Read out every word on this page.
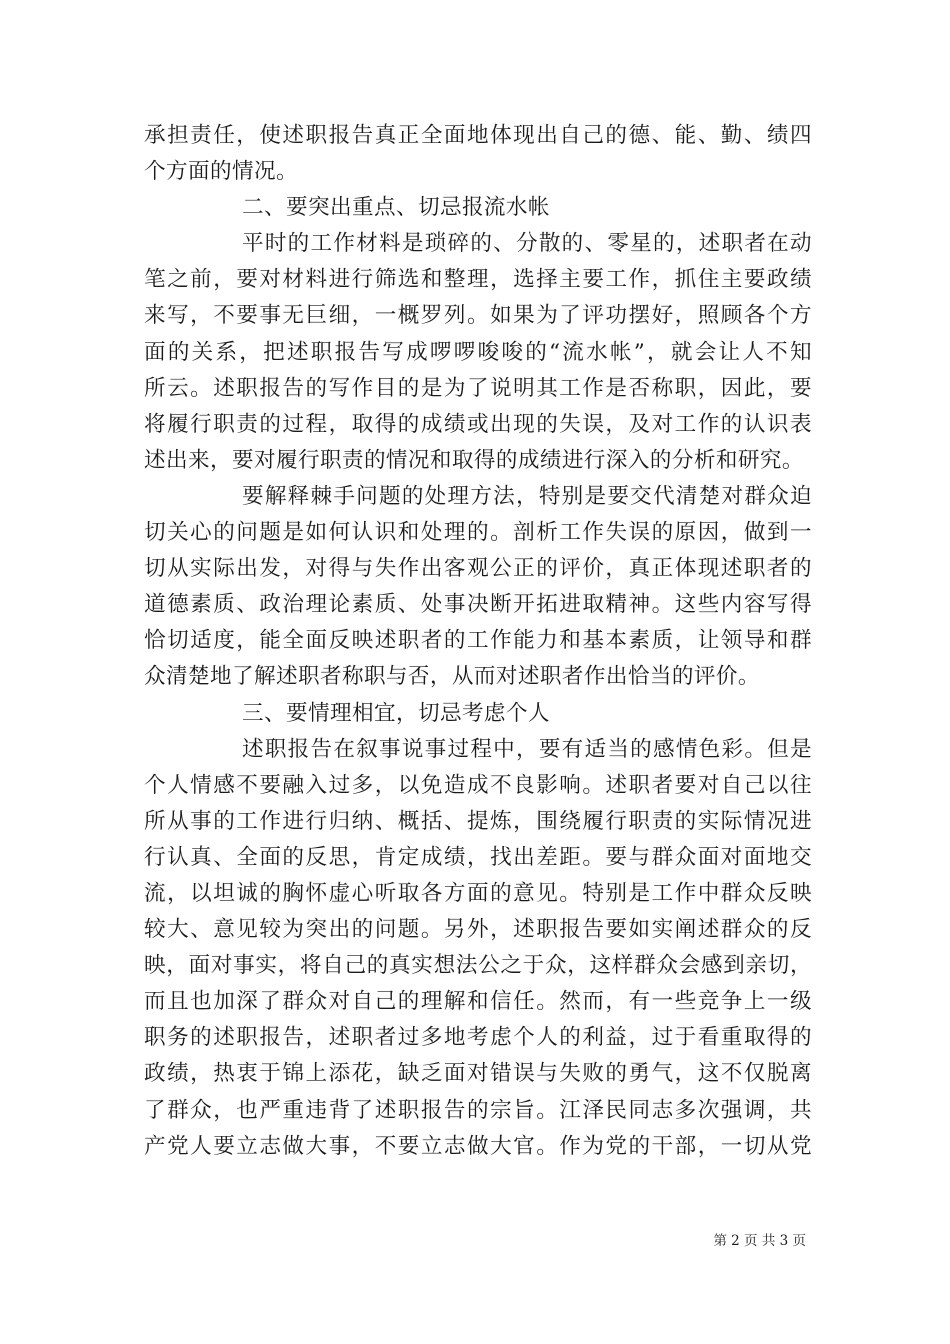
承担责任，使述职报告真正全面地体现出自己的德、能、勤、绩四
个方面的情况。
二、要突出重点、切忌报流水帐
平时的工作材料是琐碎的、分散的、零星的，述职者在动
笔之前，要对材料进行筛选和整理，选择主要工作，抓住主要政绩
来写，不要事无巨细，一概罗列。如果为了评功摆好，照顾各个方
面的关系，把述职报告写成啰啰唆唆的“流水帐”，就会让人不知
所云。述职报告的写作目的是为了说明其工作是否称职，因此，要
将履行职责的过程，取得的成绩或出现的失误，及对工作的认识表
述出来，要对履行职责的情况和取得的成绩进行深入的分析和研究。
要解释棘手问题的处理方法，特别是要交代清楚对群众迫
切关心的问题是如何认识和处理的。剖析工作失误的原因，做到一
切从实际出发，对得与失作出客观公正的评价，真正体现述职者的
道德素质、政治理论素质、处事决断开拓进取精神。这些内容写得
恰切适度，能全面反映述职者的工作能力和基本素质，让领导和群
众清楚地了解述职者称职与否，从而对述职者作出恰当的评价。
三、要情理相宜，切忌考虑个人
述职报告在叙事说事过程中，要有适当的感情色彩。但是
个人情感不要融入过多，以免造成不良影响。述职者要对自己以往
所从事的工作进行归纳、概括、提炼，围绕履行职责的实际情况进
行认真、全面的反思，肯定成绩，找出差距。要与群众面对面地交
流，以坦诚的胸怀虚心听取各方面的意见。特别是工作中群众反映
较大、意见较为突出的问题。另外，述职报告要如实阐述群众的反
映，面对事实，将自己的真实想法公之于众，这样群众会感到亲切，
而且也加深了群众对自己的理解和信任。然而，有一些竞争上一级
职务的述职报告，述职者过多地考虑个人的利益，过于看重取得的
政绩，热衷于锦上添花，缺乏面对错误与失败的勇气，这不仅脱离
了群众，也严重违背了述职报告的宗旨。江泽民同志多次强调，共
产党人要立志做大事，不要立志做大官。作为党的干部，一切从党
第 2 页 共 3 页
